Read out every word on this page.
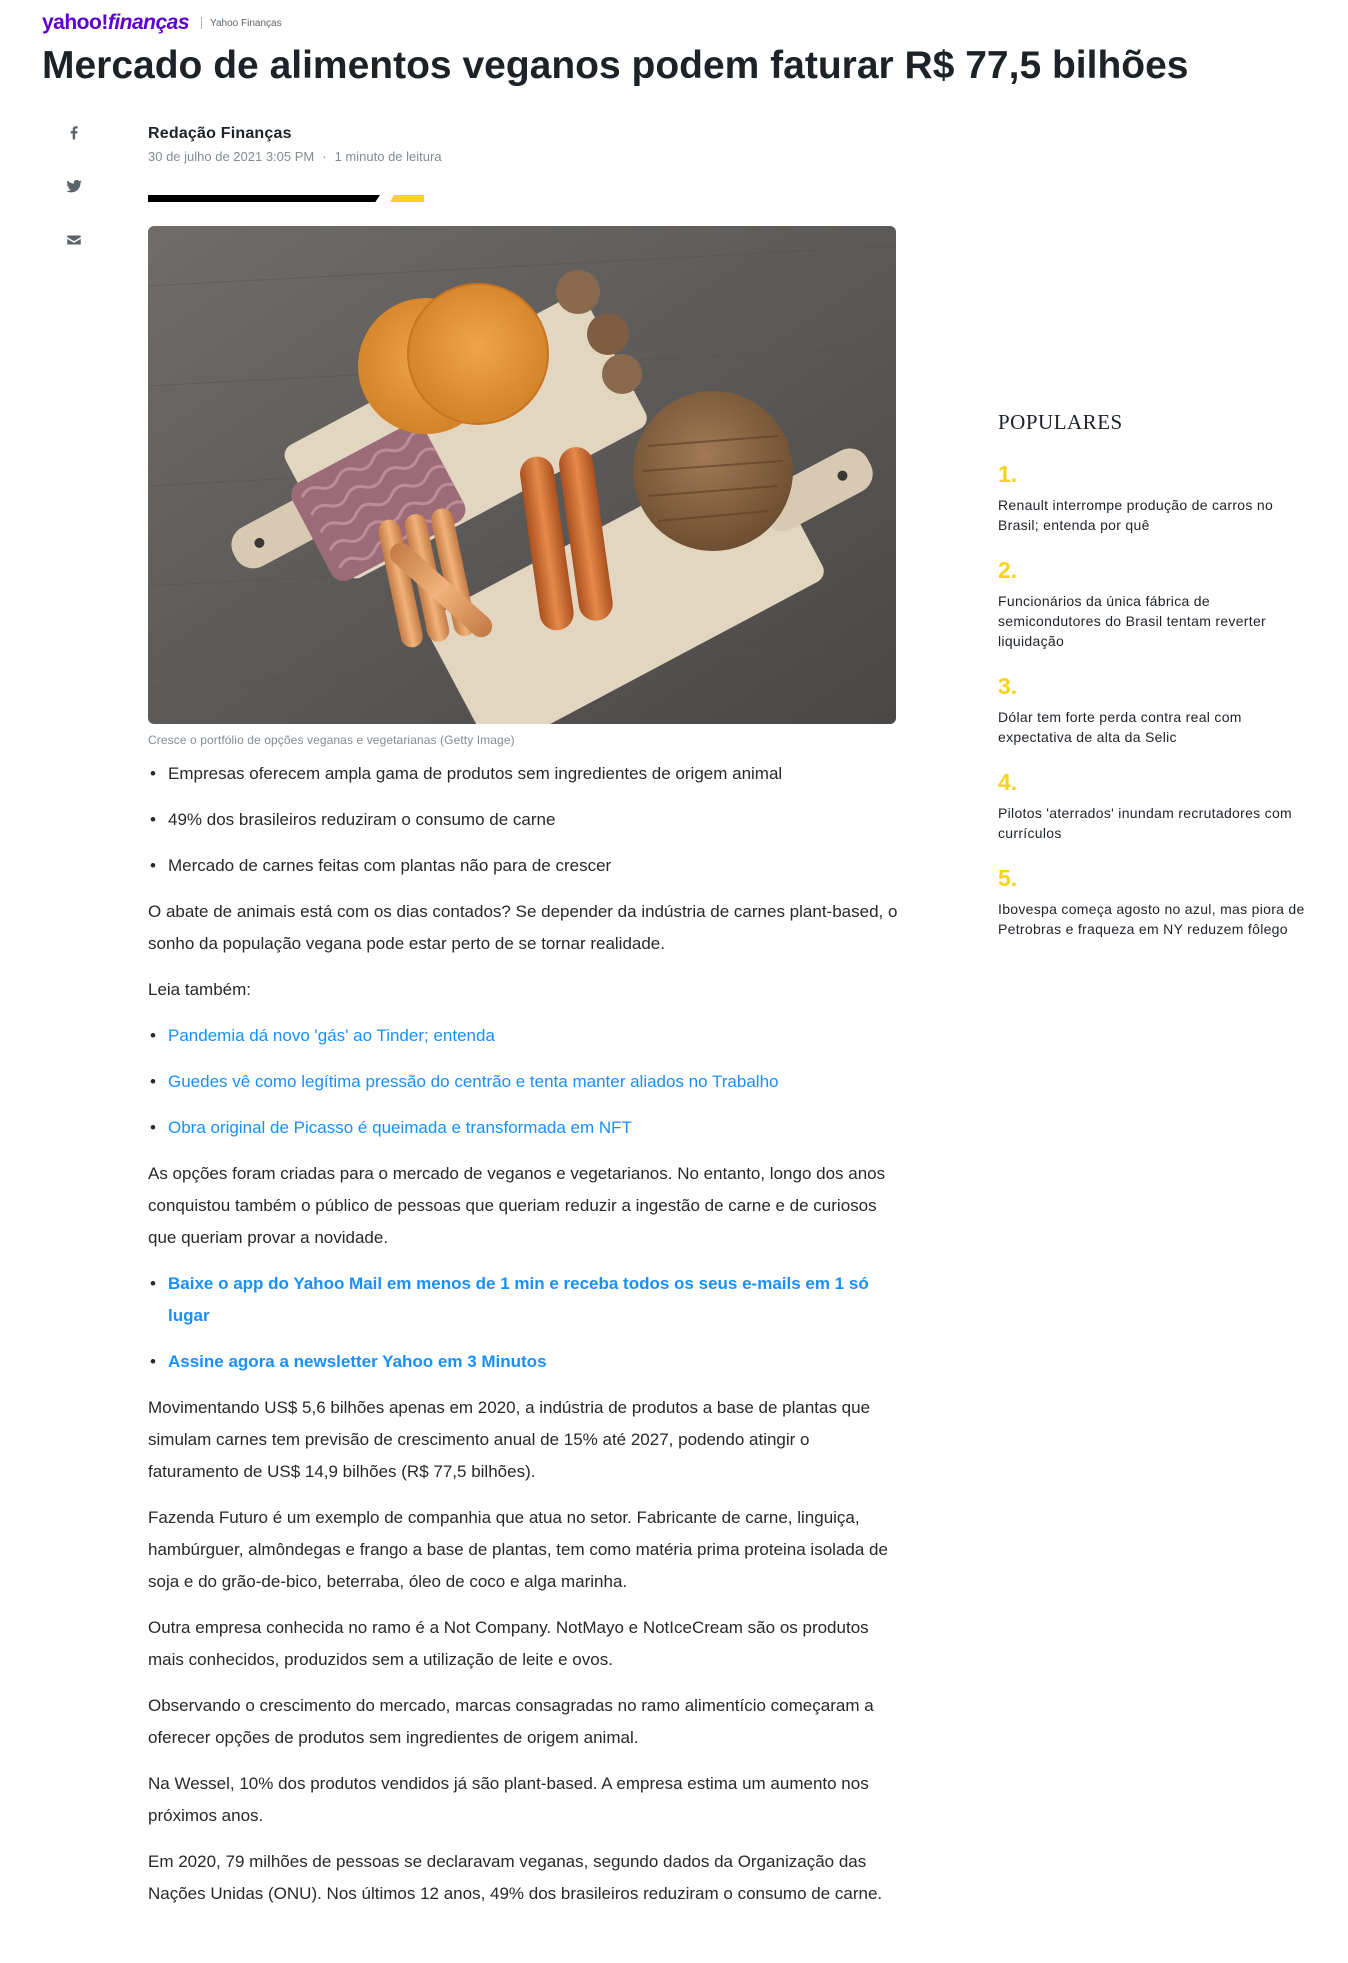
yahoo!finanças Yahoo Finanças
Mercado de alimentos veganos podem faturar R$ 77,5 bilhões
Redação Finanças
30 de julho de 2021 3:05 PM · 1 minuto de leitura
Cresce o portfólio de opções veganas e vegetarianas (Getty Image)
• Empresas oferecem ampla gama de produtos sem ingredientes de origem animal
• 49% dos brasileiros reduziram o consumo de carne
• Mercado de carnes feitas com plantas não para de crescer

O abate de animais está com os dias contados? Se depender da indústria de carnes plant-based, o sonho da população vegana pode estar perto de se tornar realidade.

Leia também:

• Pandemia dá novo 'gás' ao Tinder; entenda
• Guedes vê como legítima pressão do centrão e tenta manter aliados no Trabalho
• Obra original de Picasso é queimada e transformada em NFT

As opções foram criadas para o mercado de veganos e vegetarianos. No entanto, longo dos anos conquistou também o público de pessoas que queriam reduzir a ingestão de carne e de curiosos que queriam provar a novidade.

• Baixe o app do Yahoo Mail em menos de 1 min e receba todos os seus e-mails em 1 só lugar
• Assine agora a newsletter Yahoo em 3 Minutos

Movimentando US$ 5,6 bilhões apenas em 2020, a indústria de produtos a base de plantas que simulam carnes tem previsão de crescimento anual de 15% até 2027, podendo atingir o faturamento de US$ 14,9 bilhões (R$ 77,5 bilhões).

Fazenda Futuro é um exemplo de companhia que atua no setor. Fabricante de carne, linguiça, hambúrguer, almôndegas e frango a base de plantas, tem como matéria prima proteina isolada de soja e do grão-de-bico, beterraba, óleo de coco e alga marinha.

Outra empresa conhecida no ramo é a Not Company. NotMayo e NotIceCream são os produtos mais conhecidos, produzidos sem a utilização de leite e ovos.

Observando o crescimento do mercado, marcas consagradas no ramo alimentício começaram a oferecer opções de produtos sem ingredientes de origem animal.

Na Wessel, 10% dos produtos vendidos já são plant-based. A empresa estima um aumento nos próximos anos.

Em 2020, 79 milhões de pessoas se declaravam veganas, segundo dados da Organização das Nações Unidas (ONU). Nos últimos 12 anos, 49% dos brasileiros reduziram o consumo de carne.

POPULARES
1.
Renault interrompe produção de carros no Brasil; entenda por quê
2.
Funcionários da única fábrica de semicondutores do Brasil tentam reverter liquidação
3.
Dólar tem forte perda contra real com expectativa de alta da Selic
4.
Pilotos 'aterrados' inundam recrutadores com currículos
5.
Ibovespa começa agosto no azul, mas piora de Petrobras e fraqueza em NY reduzem fôlego
